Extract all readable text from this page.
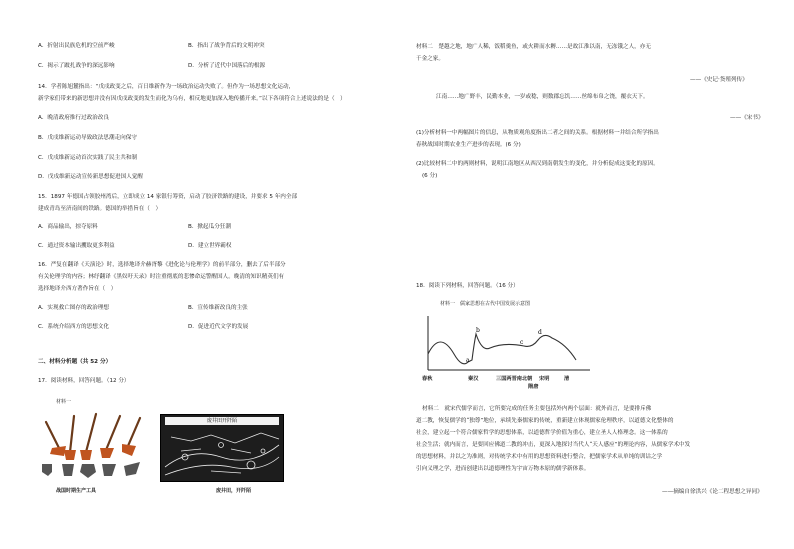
A．折射出民族危机的空前严峻	B．指出了战争背后的文明冲突
C．揭示了跛扎战争的深远影响	D．分析了近代中国落后的根源
14．学者陈旭麓指出：“戊戌政变之后，百日维新作为一场政治运动失败了。但作为一场思想文化运动，
新学家们带来的新思想并没有因戊戌政变的发生而化为乌有，相反地更加深入地传播开来。”以下各项符合上述说法的是（　）
A．晚清政府推行过政治改良
B．戊戌维新运动导致政法思潮走向保守
C．戊戌维新运动首次实践了民主共和制
D．戊戌维新运动宣传新思想促进国人觉醒
15．1897 年德国占领胶州湾后，立即成立 14 家银行筹资，启动了胶济铁路的建设，并要求 5 年内全部
建成青岛至济南间的铁路。德国的举措旨在（　）
A．商品输出，掠夺原料	B．掀起瓜分狂潮
C．通过资本输出攫取更多利益	D．建立世界霸权
16．严复在翻译《天演论》时，选择地译介赫胥黎《进化论与伦理学》的前半部分，删去了后半部分
有关伦理学的内容；林纾翻译《黑奴吁天录》时注重彻底的悲惨命运警醒国人。晚清的知识精英们有
选择地译介西方著作旨在（　）
A．实现救亡图存的政治理想	B．宣传维新改良的主张
C．系统介绍西方的思想文化	D．促进近代文学的发展
二、材料分析题（共 52 分）
17．阅读材料，回答问题。（12 分）
材料一
战国时期生产工具
废井田开阡陌
废井田，开阡陌
材料二　楚越之地，地广人稀，饭稻羹鱼，或火耕而水耨……是故江淮以南，无冻饿之人，亦无
千金之家。
——《史记·货殖列传》
江南……地广野丰，民勤本业，一岁或稔，则数郡忘饥……丝绵布帛之饶，覆衣天下。
——《宋书》
(1)分析材料一中两幅图片的信息，从物质观角度指出二者之间的关系。根据材料一并结合所学指出
春秋战国时期农业生产进步的表现。(6 分)
(2)比较材料二中的两则材料，说明江南地区从西汉到南朝发生的变化，并分析促成这变化的原因。
(6 分)
18．阅读下列材料，回答问题。（16 分）
材料一　儒家思想在古代中国发展示意图
a
b
c
d
春秋	秦汉	三国两晋南北朝 宋明	清
隋唐
材料二　就宋代儒学而言，它所要完成的任务主要包括外内两个层面：就外而言，是要排斥佛
道二教，恢复儒学的“独尊”地位，承续先秦儒家的传统，重新建立体现儒家伦理秩序，以道德文化整体的
社会，建立起一个符合儒家哲学的思想体系，以道德哲学价值为重心，建立圣人人格理念。这一体系的
社会生活；就内而言，是要回应佛道二教的冲击，更深入地探讨当代人“天人感应”的理论内容，从儒家学术中发
的思想材料，并以之为准则，对传统学术中有用的思想资料进行整合，把儒家学术从单纯的训诂之学
引向义理之学，进而创建出以道德理性为宇宙万物本原的儒学新体系。
——摘编自徐洪兴《论二程思想之异同》
